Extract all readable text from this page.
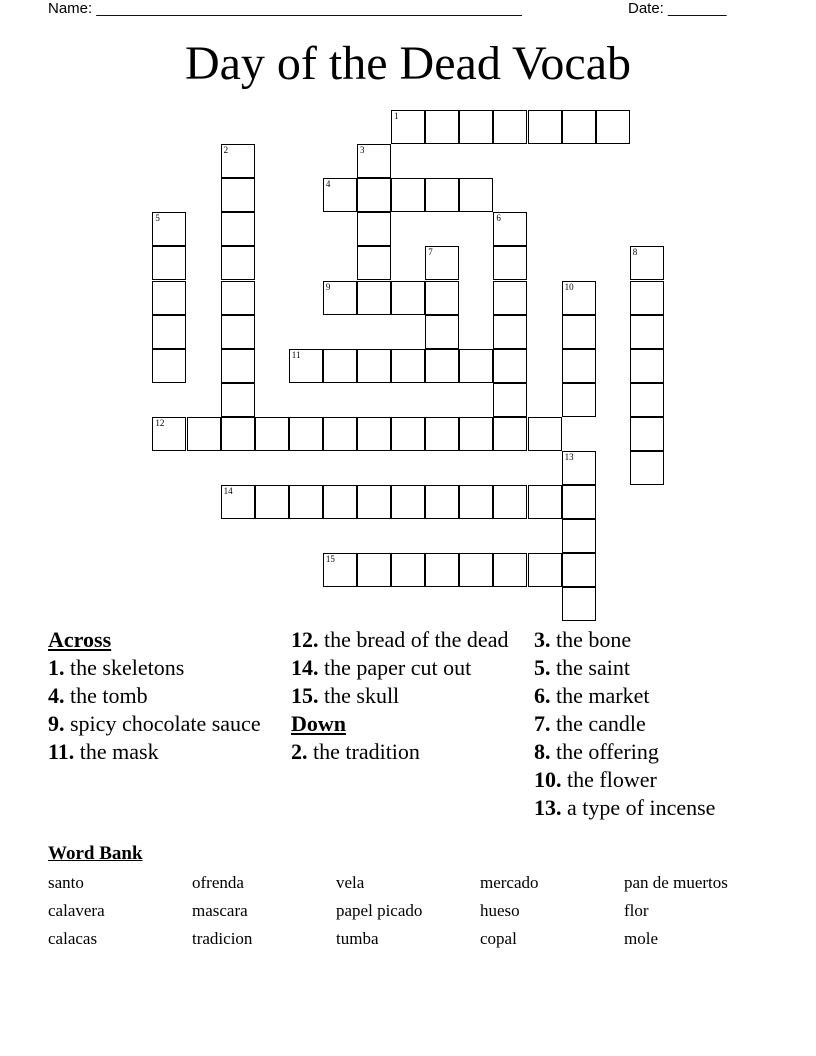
Name: ___________________________________________________	Date: _______
Day of the Dead Vocab
1
4
9
11
12
14
15
2	3
5	6
7	8
10
13
Across
1. the skeletons
4. the tomb
9. spicy chocolate sauce
11. the mask
12. the bread of the dead
14. the paper cut out
15. the skull
Down
2. the tradition
3. the bone
5. the saint
6. the market
7. the candle
8. the offering
10. the flower
13. a type of incense
Word Bank
santo	ofrenda	vela	mercado	pan de muertos
calavera	mascara	papel picado	hueso	flor
calacas	tradicion	tumba	copal	mole
